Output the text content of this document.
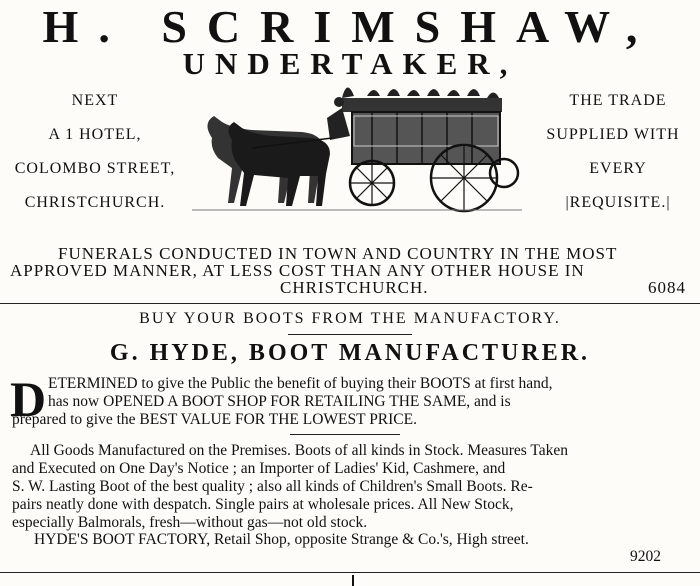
H. SCRIMSHAW,
UNDERTAKER,
NEXT
A 1 HOTEL,
COLOMBO STREET,
CHRISTCHURCH.
THE TRADE
SUPPLIED WITH
EVERY
|REQUISITE.|
FUNERALS CONDUCTED IN TOWN AND COUNTRY IN THE MOST
APPROVED MANNER, AT LESS COST THAN ANY OTHER HOUSE IN
CHRISTCHURCH.	6084
BUY YOUR BOOTS FROM THE MANUFACTORY.
G. HYDE, BOOT MANUFACTURER.
D ETERMINED to give the Public the benefit of buying their BOOTS at first hand,
has now OPENED A BOOT SHOP FOR RETAILING THE SAME, and is
prepared to give the BEST VALUE FOR THE LOWEST PRICE.
All Goods Manufactured on the Premises. Boots of all kinds in Stock. Measures Taken
and Executed on One Day's Notice ; an Importer of Ladies' Kid, Cashmere, and
S. W. Lasting Boot of the best quality ; also all kinds of Children's Small Boots. Re-
pairs neatly done with despatch. Single pairs at wholesale prices. All New Stock,
especially Balmorals, fresh—without gas—not old stock.
HYDE'S BOOT FACTORY, Retail Shop, opposite Strange & Co.'s, High street.
9202
